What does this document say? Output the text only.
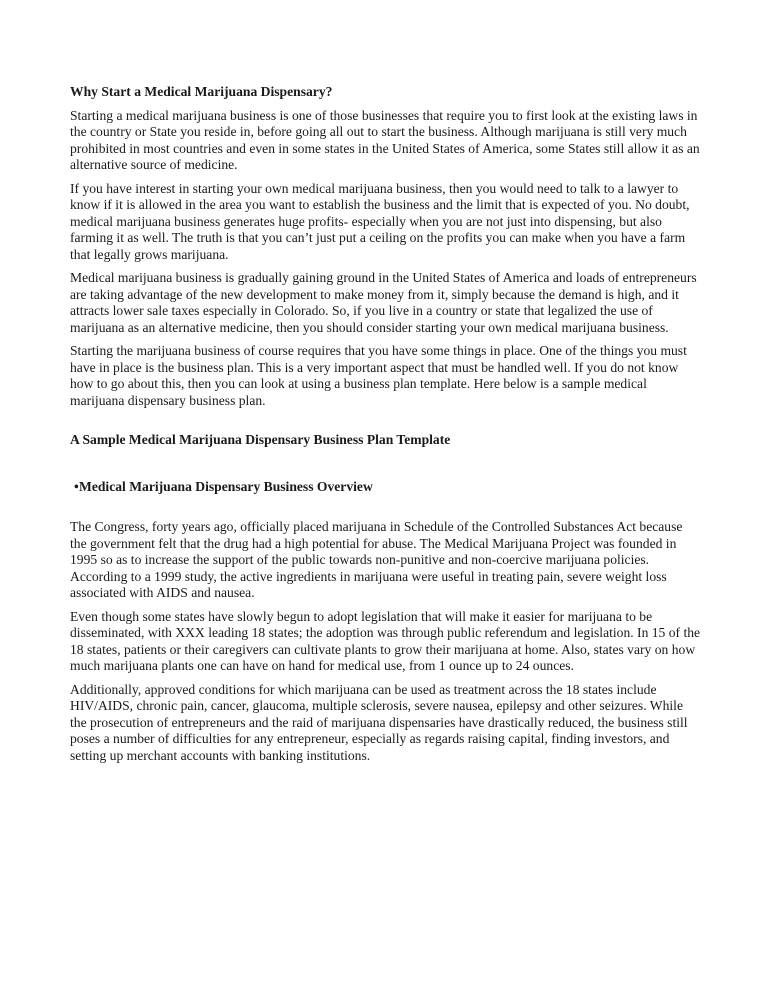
Why Start a Medical Marijuana Dispensary?

Starting a medical marijuana business is one of those businesses that require you to first look at the existing laws in the country or State you reside in, before going all out to start the business. Although marijuana is still very much prohibited in most countries and even in some states in the United States of America, some States still allow it as an alternative source of medicine.

If you have interest in starting your own medical marijuana business, then you would need to talk to a lawyer to know if it is allowed in the area you want to establish the business and the limit that is expected of you. No doubt, medical marijuana business generates huge profits- especially when you are not just into dispensing, but also farming it as well. The truth is that you can’t just put a ceiling on the profits you can make when you have a farm that legally grows marijuana.

Medical marijuana business is gradually gaining ground in the United States of America and loads of entrepreneurs are taking advantage of the new development to make money from it, simply because the demand is high, and it attracts lower sale taxes especially in Colorado. So, if you live in a country or state that legalized the use of marijuana as an alternative medicine, then you should consider starting your own medical marijuana business.

Starting the marijuana business of course requires that you have some things in place. One of the things you must have in place is the business plan. This is a very important aspect that must be handled well. If you do not know how to go about this, then you can look at using a business plan template. Here below is a sample medical marijuana dispensary business plan.

A Sample Medical Marijuana Dispensary Business Plan Template
• Medical Marijuana Dispensary Business Overview

The Congress, forty years ago, officially placed marijuana in Schedule of the Controlled Substances Act because the government felt that the drug had a high potential for abuse. The Medical Marijuana Project was founded in 1995 so as to increase the support of the public towards non-punitive and non-coercive marijuana policies. According to a 1999 study, the active ingredients in marijuana were useful in treating pain, severe weight loss associated with AIDS and nausea.

Even though some states have slowly begun to adopt legislation that will make it easier for marijuana to be disseminated, with XXX leading 18 states; the adoption was through public referendum and legislation. In 15 of the 18 states, patients or their caregivers can cultivate plants to grow their marijuana at home. Also, states vary on how much marijuana plants one can have on hand for medical use, from 1 ounce up to 24 ounces.

Additionally, approved conditions for which marijuana can be used as treatment across the 18 states include HIV/AIDS, chronic pain, cancer, glaucoma, multiple sclerosis, severe nausea, epilepsy and other seizures. While the prosecution of entrepreneurs and the raid of marijuana dispensaries have drastically reduced, the business still poses a number of difficulties for any entrepreneur, especially as regards raising capital, finding investors, and setting up merchant accounts with banking institutions.
